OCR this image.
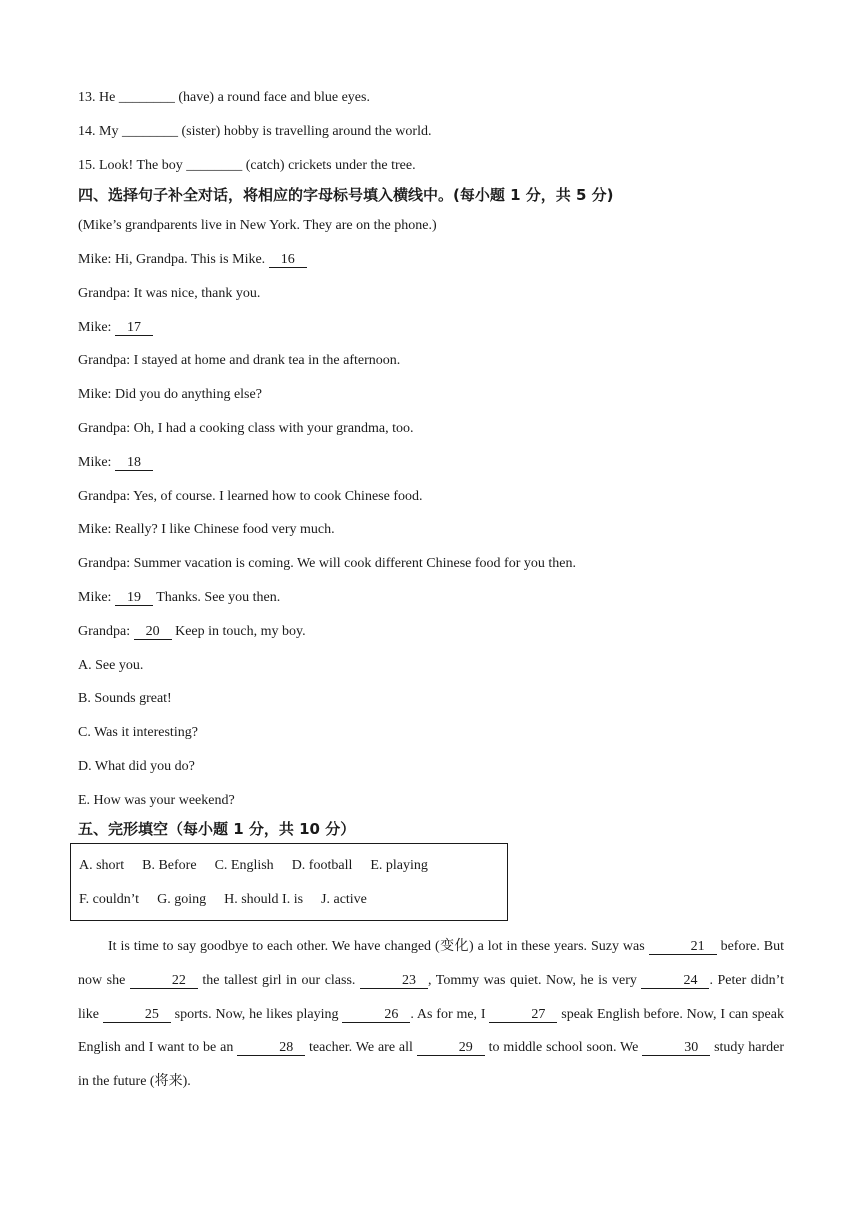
13. He ________ (have) a round face and blue eyes.
14. My ________ (sister) hobby is travelling around the world.
15. Look! The boy ________ (catch) crickets under the tree.
四、选择句子补全对话，将相应的字母标号填入横线中。(每小题 1 分，共 5 分)
(Mike’s grandparents live in New York. They are on the phone.)
Mike: Hi, Grandpa. This is Mike. 16
Grandpa: It was nice, thank you.
Mike: 17
Grandpa: I stayed at home and drank tea in the afternoon.
Mike: Did you do anything else?
Grandpa: Oh, I had a cooking class with your grandma, too.
Mike: 18
Grandpa: Yes, of course. I learned how to cook Chinese food.
Mike: Really? I like Chinese food very much.
Grandpa: Summer vacation is coming. We will cook different Chinese food for you then.
Mike: 19 Thanks. See you then.
Grandpa: 20 Keep in touch, my boy.
A. See you.
B. Sounds great!
C. Was it interesting?
D. What did you do?
E. How was your weekend?
五、完形填空（每小题 1 分，共 10 分）
A. short B. Before C. English D. football E. playing
F. couldn’t G. going H. should I. is J. active
It is time to say goodbye to each other. We have changed (变化) a lot in these years. Suzy was	21 before. But now she	22 the tallest girl in our class.	23 , Tommy was quiet. Now, he is very	24 . Peter didn’t like	25 sports. Now, he likes playing	26 . As for me, I	27 speak English before. Now, I can speak English and I want to be an	28 teacher. We are all	29 to middle school soon. We	30 study harder in the future (将来).
